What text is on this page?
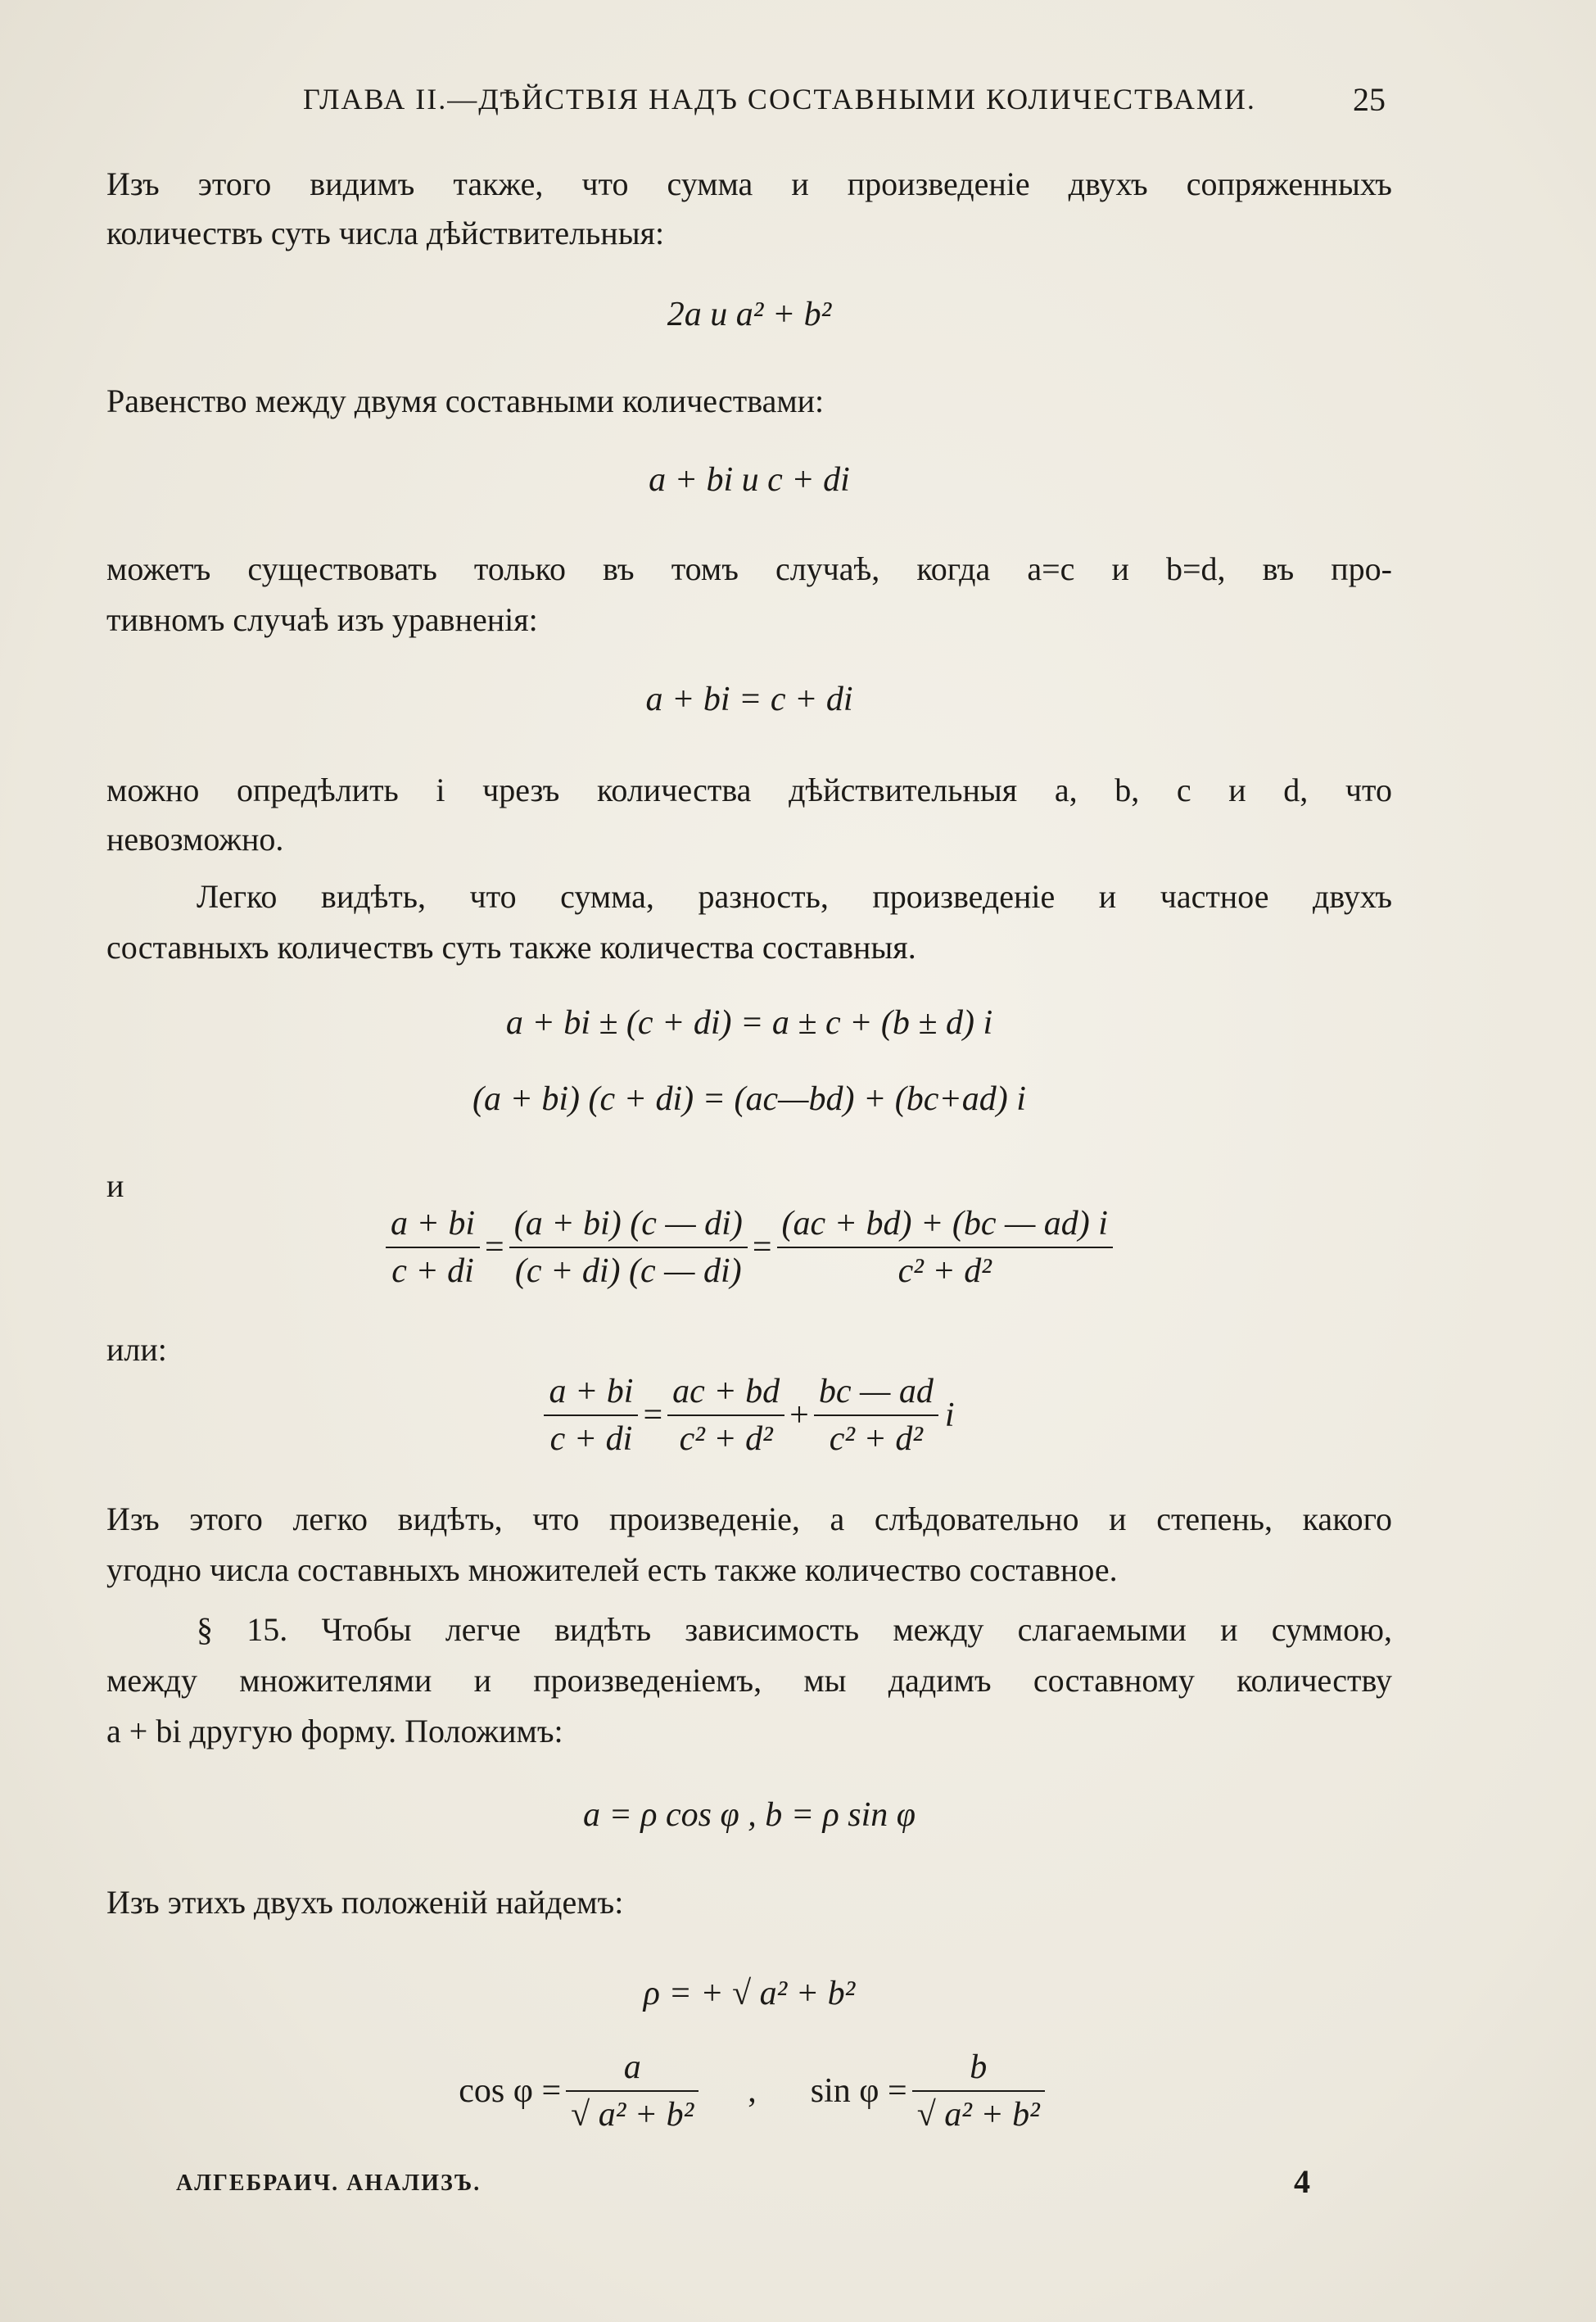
ГЛАВА II.—ДѢЙСТВІЯ НАДЪ СОСТАВНЫМИ КОЛИЧЕСТВАМИ.	25
Изъ этого видимъ также, что сумма и произведеніе двухъ сопряженныхъ
количествъ суть числа дѣйствительныя:
2a и a² + b²
Равенство между двумя составными количествами:
a + bi и c + di
можетъ существовать только въ томъ случаѣ, когда a=c и b=d, въ про-
тивномъ случаѣ изъ уравненія:
a + bi = c + di
можно опредѣлить i чрезъ количества дѣйствительныя a, b, c и d, что
невозможно.
Легко видѣть, что сумма, разность, произведеніе и частное двухъ
составныхъ количествъ суть также количества составныя.
a + bi ± (c + di) = a ± c + (b ± d) i
(a + bi) (c + di) = (ac—bd) + (bc+ad) i
и
$\frac{a + bi}{c + di} = \frac{(a + bi) (c — di)}{(c + di) (c — di)} = \frac{(ac + bd) + (bc — ad) i}{\text{c² + d²}}$
или:
$\frac{a + bi}{c + di} = \frac{ac + bd}{\text{c² + d²}} + \frac{bc — ad}{\text{c² + d²}}$ i
Изъ этого легко видѣть, что произведеніе, а слѣдовательно и степень, какого
угодно числа составныхъ множителей есть также количество составное.
§ 15. Чтобы легче видѣть зависимость между слагаемыми и суммою,
между множителями и произведеніемъ, мы дадимъ составному количеству
a + bi другую форму. Положимъ:
a = ρ cos φ , b = ρ sin φ
Изъ этихъ двухъ положеній найдемъ:
ρ = + √ a² + b²
$\cos \varphi = \frac{a}{\text{√ a² + b²}}$ , $\sin \varphi = \frac{b}{\text{√ a² + b²}}$
АЛГЕБРАИЧ. АНАЛИЗЪ.	4
